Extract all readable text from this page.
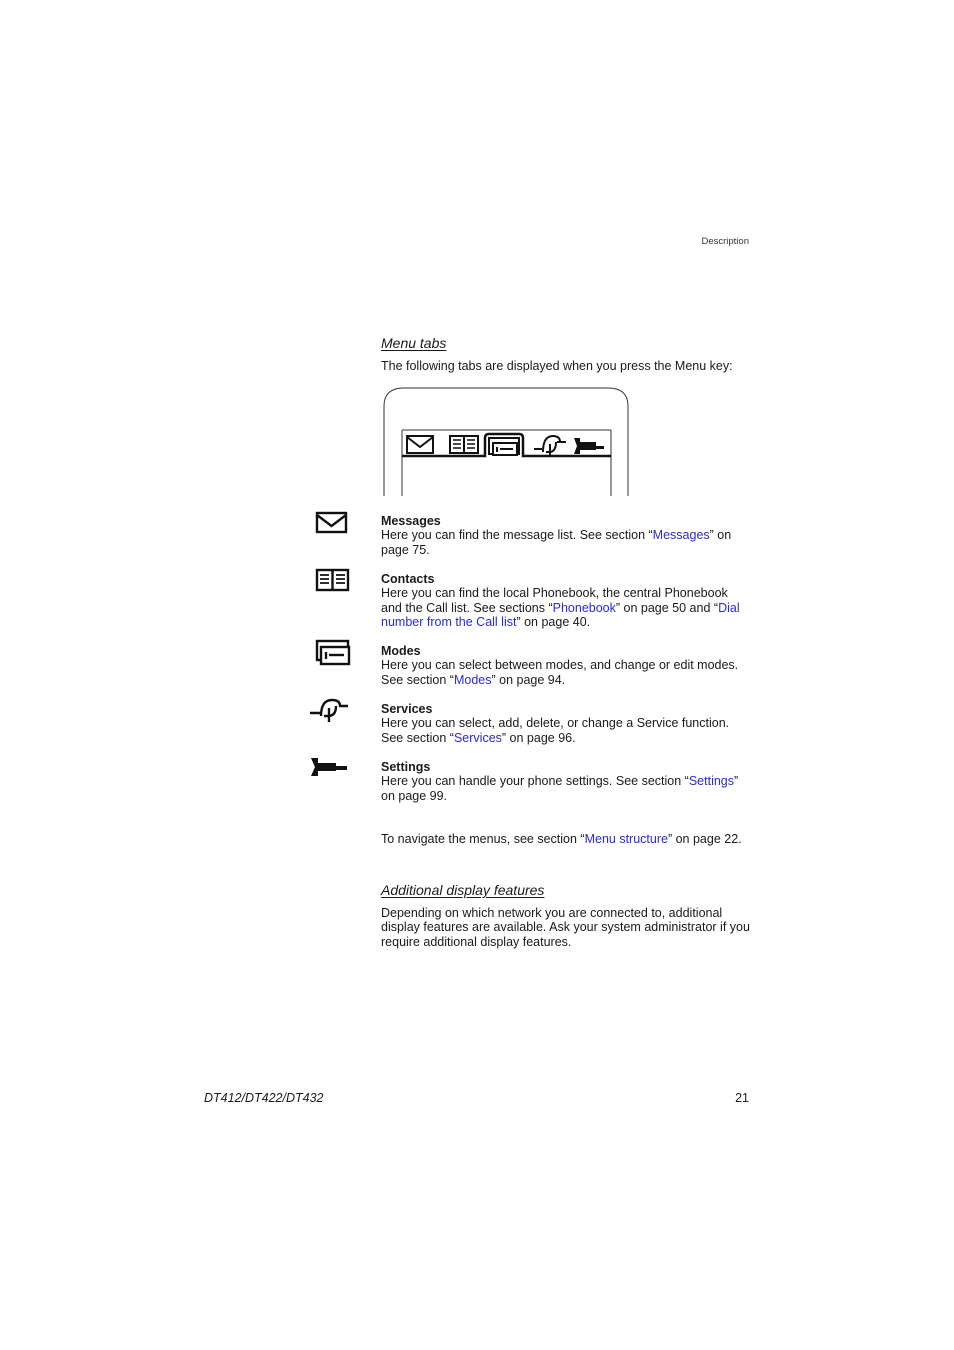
Description
Menu tabs
The following tabs are displayed when you press the Menu key:
Messages
Here you can find the message list. See section “Messages” on page 75.
Contacts
Here you can find the local Phonebook, the central Phonebook and the Call list. See sections “Phonebook” on page 50 and “Dial number from the Call list” on page 40.
Modes
Here you can select between modes, and change or edit modes. See section “Modes” on page 94.
Services
Here you can select, add, delete, or change a Service function. See section “Services” on page 96.
Settings
Here you can handle your phone settings. See section “Settings” on page 99.
To navigate the menus, see section “Menu structure” on page 22.
Additional display features
Depending on which network you are connected to, additional display features are available. Ask your system administrator if you require additional display features.
DT412/DT422/DT432	21
